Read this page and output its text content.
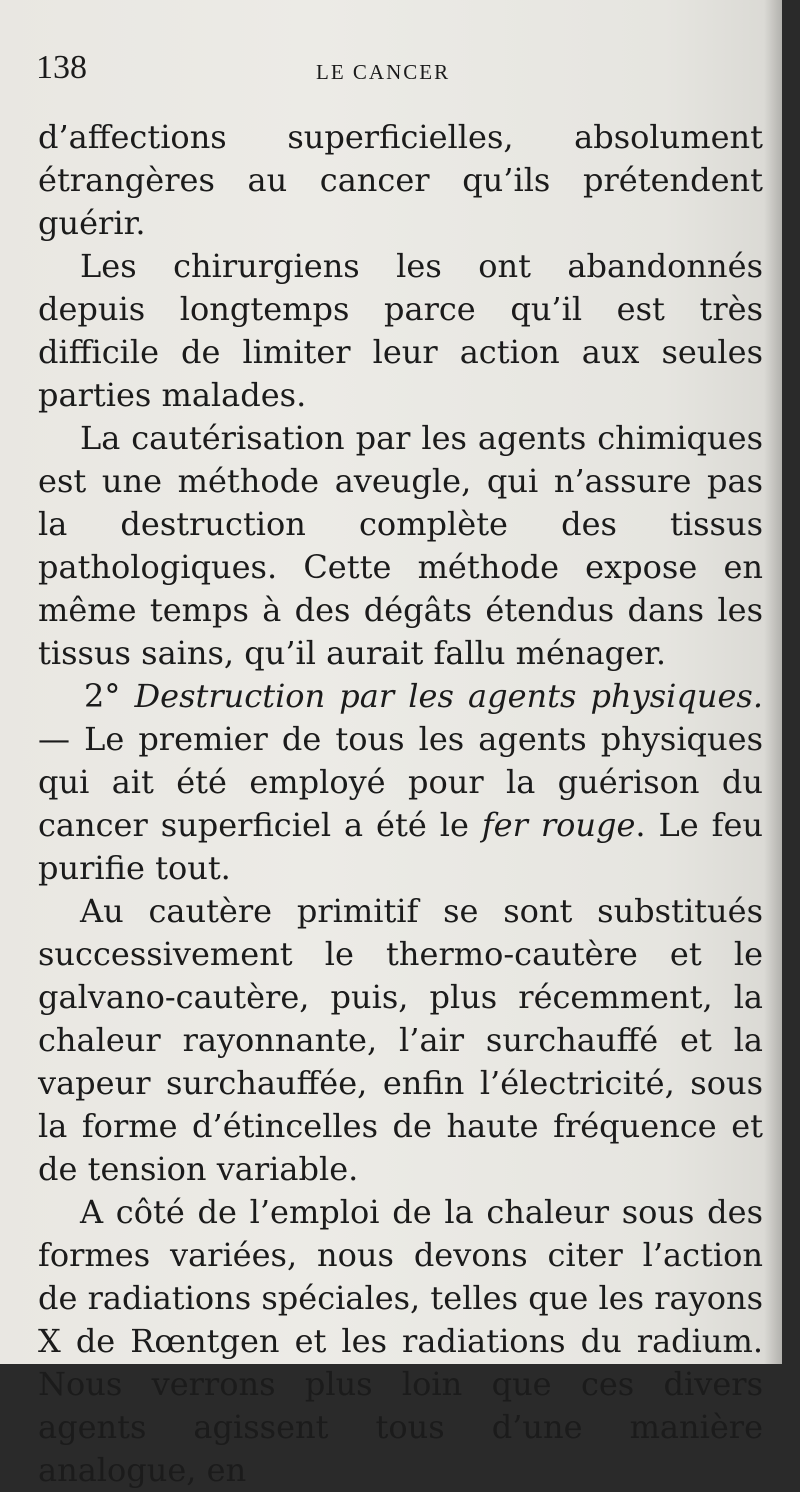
138	LE CANCER

d’affections superficielles, absolument étrangères au cancer qu’ils prétendent guérir.

Les chirurgiens les ont abandonnés depuis longtemps parce qu’il est très difficile de limiter leur action aux seules parties malades.

La cautérisation par les agents chimiques est une méthode aveugle, qui n’assure pas la destruction complète des tissus pathologiques. Cette méthode expose en même temps à des dégâts étendus dans les tissus sains, qu’il aurait fallu ménager.

2° Destruction par les agents physiques. — Le premier de tous les agents physiques qui ait été employé pour la guérison du cancer superficiel a été le fer rouge. Le feu purifie tout.

Au cautère primitif se sont substitués successivement le thermo-cautère et le galvano-cautère, puis, plus récemment, la chaleur rayonnante, l’air surchauffé et la vapeur surchauffée, enfin l’électricité, sous la forme d’étincelles de haute fréquence et de tension variable.

A côté de l’emploi de la chaleur sous des formes variées, nous devons citer l’action de radiations spéciales, telles que les rayons X de Rœntgen et les radiations du radium. Nous verrons plus loin que ces divers agents agissent tous d’une manière analogue, en
